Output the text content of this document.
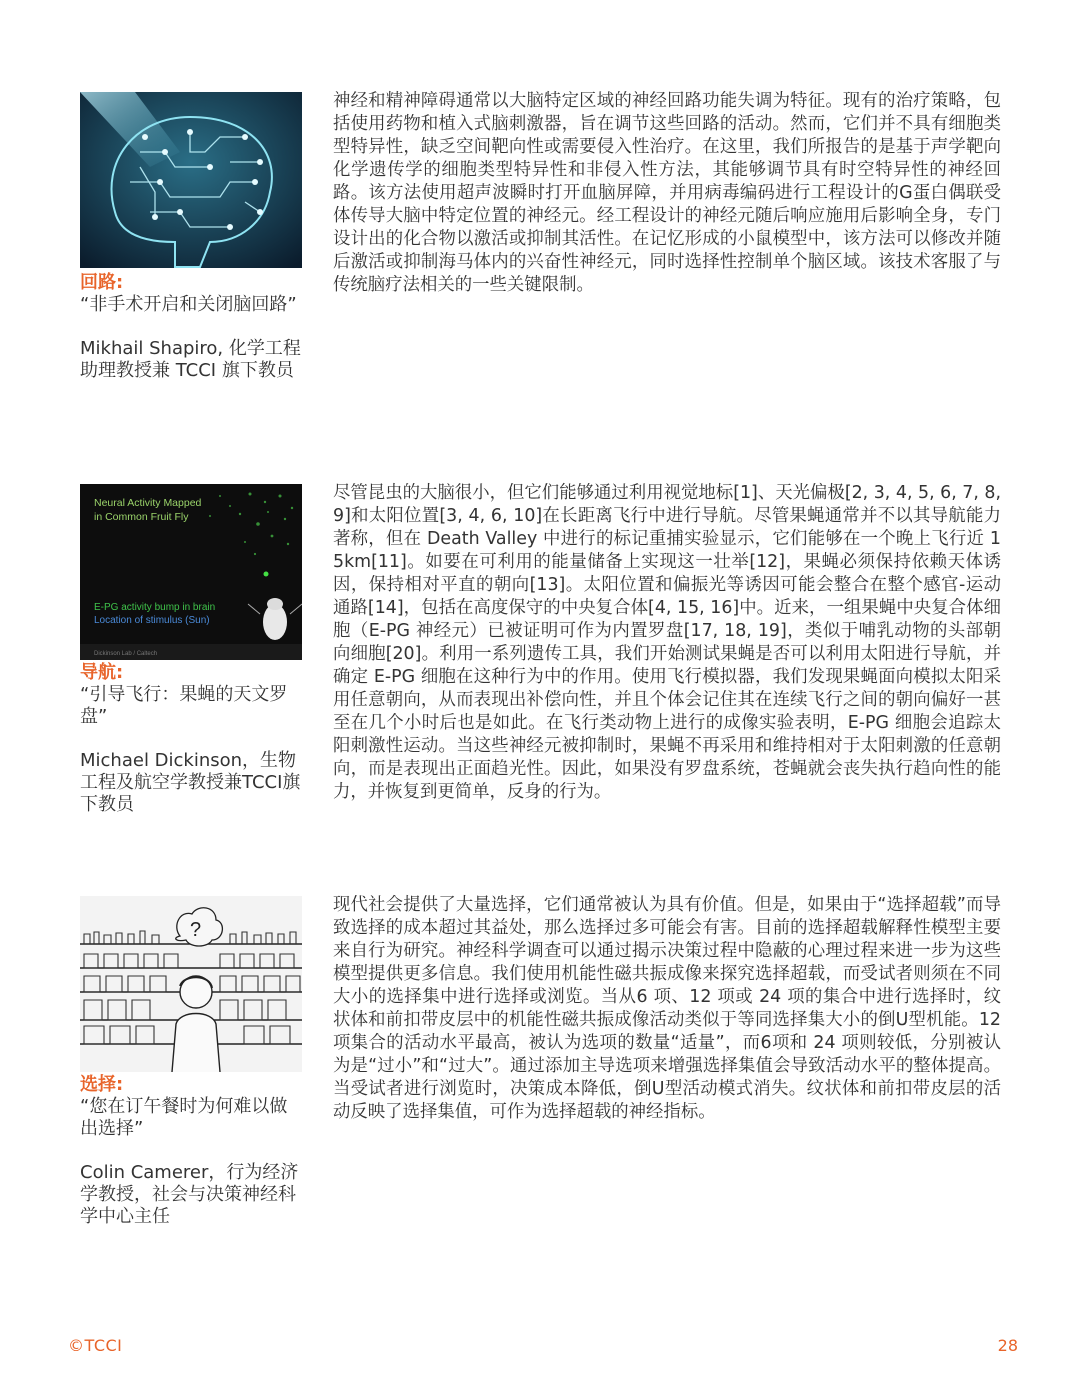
回路:
“非手术开启和关闭脑回路”
Mikhail Shapiro, 化学工程助理教授兼 TCCI 旗下教员
神经和精神障碍通常以大脑特定区域的神经回路功能失调为特征。现有的治疗策略，包括使用药物和植入式脑刺激器，旨在调节这些回路的活动。然而，它们并不具有细胞类型特异性，缺乏空间靶向性或需要侵入性治疗。在这里，我们所报告的是基于声学靶向化学遗传学的细胞类型特异性和非侵入性方法，其能够调节具有时空特异性的神经回路。该方法使用超声波瞬时打开血脑屏障，并用病毒编码进行工程设计的G蛋白偶联受体传导大脑中特定位置的神经元。经工程设计的神经元随后响应施用后影响全身，专门设计出的化合物以激活或抑制其活性。在记忆形成的小鼠模型中，该方法可以修改并随后激活或抑制海马体内的兴奋性神经元，同时选择性控制单个脑区域。该技术客服了与传统脑疗法相关的一些关键限制。
Neural Activity Mapped
in Common Fruit Fly
E-PG activity bump in brain
Location of stimulus (Sun)
Dickinson Lab / Caltech
导航:
“引导飞行：果蝇的天文罗盘”
Michael Dickinson，生物工程及航空学教授兼TCCI旗下教员
尽管昆虫的大脑很小，但它们能够通过利用视觉地标[1]、天光偏极[2, 3, 4, 5, 6, 7, 8, 9]和太阳位置[3, 4, 6, 10]在长距离飞行中进行导航。尽管果蝇通常并不以其导航能力著称，但在 Death Valley 中进行的标记重捕实验显示，它们能够在一个晚上飞行近 15km[11]。如要在可利用的能量储备上实现这一壮举[12]，果蝇必须保持依赖天体诱因，保持相对平直的朝向[13]。太阳位置和偏振光等诱因可能会整合在整个感官-运动通路[14]，包括在高度保守的中央复合体[4, 15, 16]中。近来，一组果蝇中央复合体细胞（E-PG 神经元）已被证明可作为内置罗盘[17, 18, 19]，类似于哺乳动物的头部朝向细胞[20]。利用一系列遗传工具，我们开始测试果蝇是否可以利用太阳进行导航，并确定 E-PG 细胞在这种行为中的作用。使用飞行模拟器，我们发现果蝇面向模拟太阳采用任意朝向，从而表现出补偿向性，并且个体会记住其在连续飞行之间的朝向偏好一甚至在几个小时后也是如此。在飞行类动物上进行的成像实验表明，E-PG 细胞会追踪太阳刺激性运动。当这些神经元被抑制时，果蝇不再采用和维持相对于太阳刺激的任意朝向，而是表现出正面趋光性。因此，如果没有罗盘系统，苍蝇就会丧失执行趋向性的能力，并恢复到更简单，反身的行为。
?
选择:
“您在订午餐时为何难以做出选择”
Colin Camerer，行为经济学教授，社会与决策神经科学中心主任
现代社会提供了大量选择，它们通常被认为具有价值。但是，如果由于“选择超载”而导致选择的成本超过其益处，那么选择过多可能会有害。目前的选择超载解释性模型主要来自行为研究。神经科学调查可以通过揭示决策过程中隐蔽的心理过程来进一步为这些模型提供更多信息。我们使用机能性磁共振成像来探究选择超载，而受试者则须在不同大小的选择集中进行选择或浏览。当从6 项、12 项或 24 项的集合中进行选择时，纹状体和前扣带皮层中的机能性磁共振成像活动类似于等同选择集大小的倒U型机能。12 项集合的活动水平最高，被认为选项的数量“适量”，而6项和 24 项则较低，分别被认为是“过小”和“过大”。通过添加主导选项来增强选择集值会导致活动水平的整体提高。当受试者进行浏览时，决策成本降低，倒U型活动模式消失。纹状体和前扣带皮层的活动反映了选择集值，可作为选择超载的神经指标。
©TCCI	28
